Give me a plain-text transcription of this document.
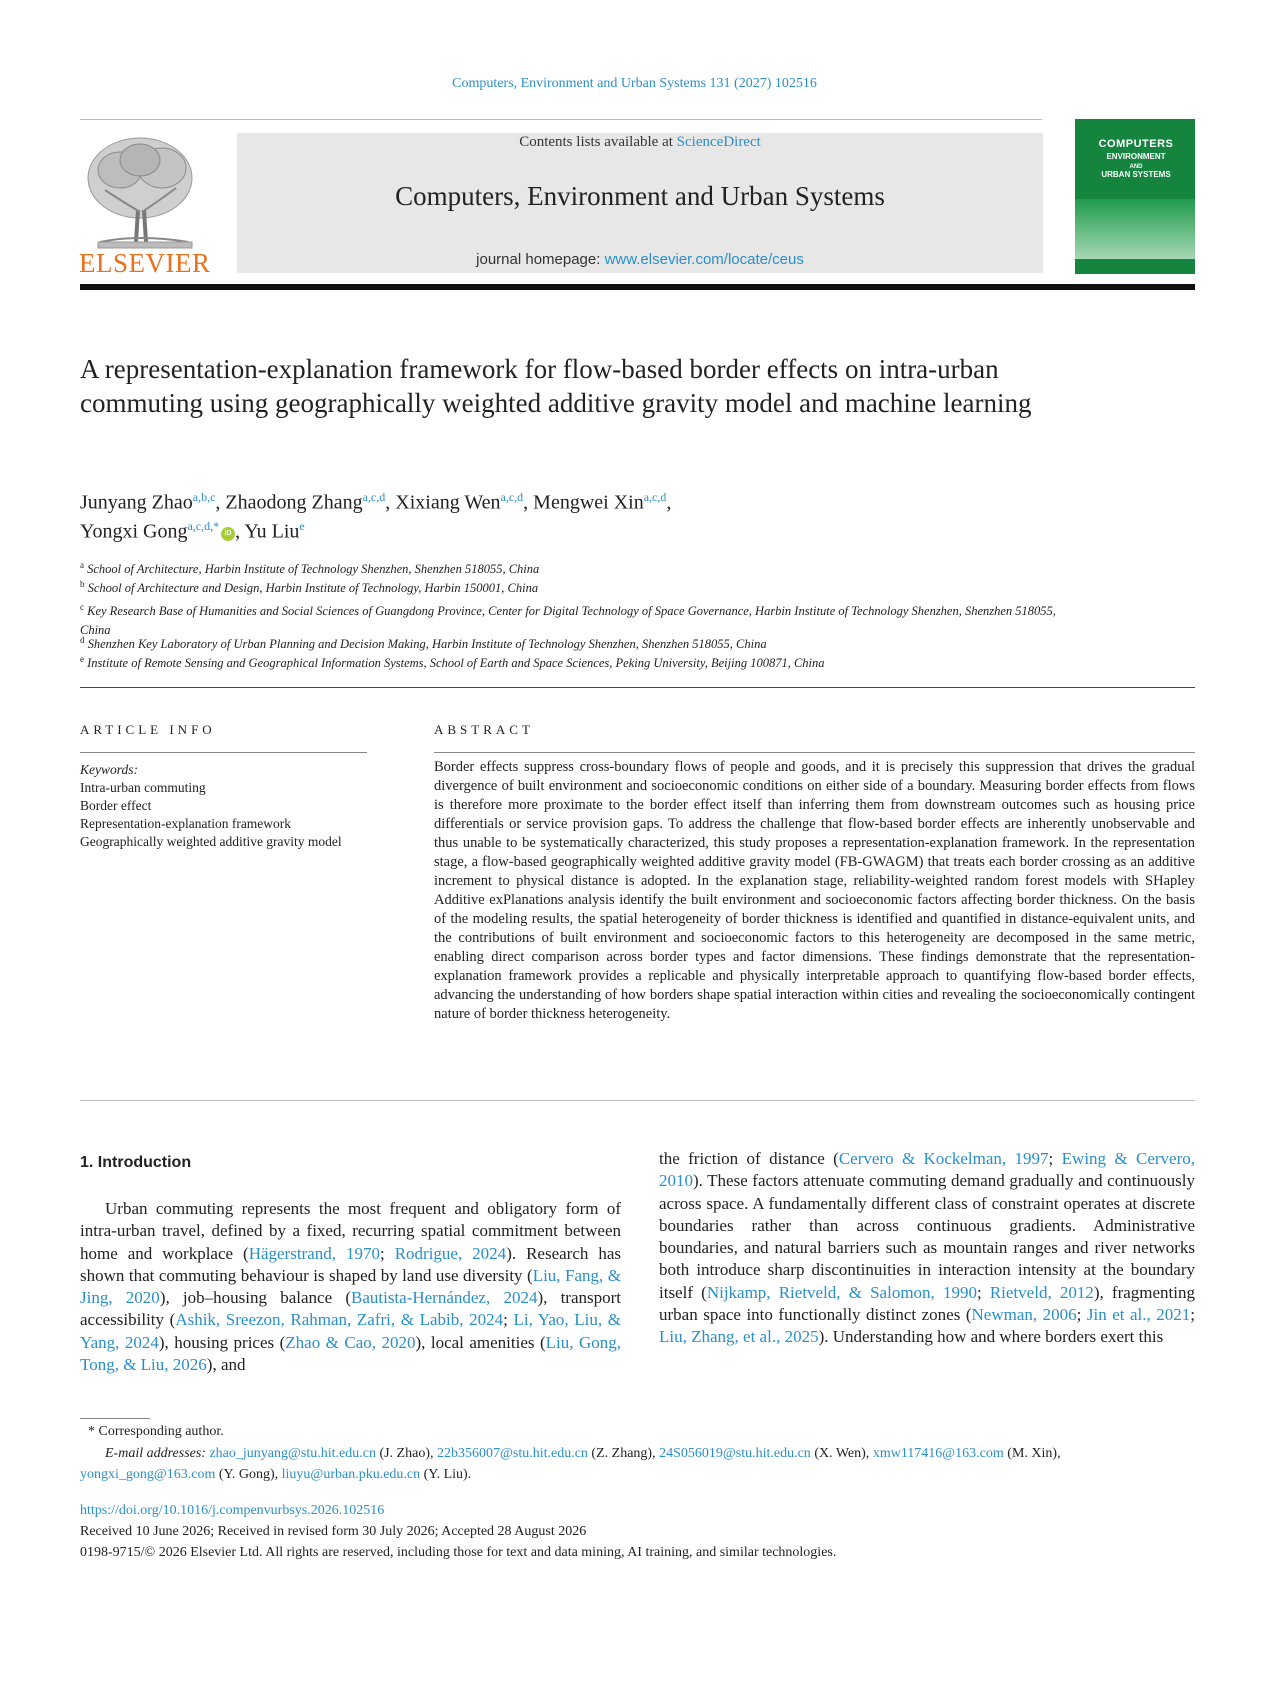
Computers, Environment and Urban Systems 131 (2027) 102516
ELSEVIER
Contents lists available at ScienceDirect
Computers, Environment and Urban Systems
journal homepage: www.elsevier.com/locate/ceus
COMPUTERS
ENVIRONMENT
AND
URBAN SYSTEMS
A representation-explanation framework for flow-based border effects on intra-urban commuting using geographically weighted additive gravity model and machine learning
Junyang Zhao$^{a,b,c}$, Zhaodong Zhang$^{a,c,d}$, Xixiang Wen$^{a,c,d}$, Mengwei Xin$^{a,c,d}$,
Yongxi Gong$^{a,c,d,*}$iD , Yu Liu$^e$
$^a$ School of Architecture, Harbin Institute of Technology Shenzhen, Shenzhen 518055, China
$^b$ School of Architecture and Design, Harbin Institute of Technology, Harbin 150001, China
$^c$ Key Research Base of Humanities and Social Sciences of Guangdong Province, Center for Digital Technology of Space Governance, Harbin Institute of Technology Shenzhen, Shenzhen 518055, China
$^d$ Shenzhen Key Laboratory of Urban Planning and Decision Making, Harbin Institute of Technology Shenzhen, Shenzhen 518055, China
$^e$ Institute of Remote Sensing and Geographical Information Systems, School of Earth and Space Sciences, Peking University, Beijing 100871, China
ARTICLE INFO	ABSTRACT
Keywords:
Intra-urban commuting
Border effect
Representation-explanation framework
Geographically weighted additive gravity model

Border effects suppress cross-boundary flows of people and goods, and it is precisely this suppression that drives the gradual divergence of built environment and socioeconomic conditions on either side of a boundary. Measuring border effects from flows is therefore more proximate to the border effect itself than inferring them from downstream outcomes such as housing price differentials or service provision gaps. To address the challenge that flow-based border effects are inherently unobservable and thus unable to be systematically characterized, this study proposes a representation-explanation framework. In the representation stage, a flow-based geographically weighted additive gravity model (FB-GWAGM) that treats each border crossing as an additive increment to physical distance is adopted. In the explanation stage, reliability-weighted random forest models with SHapley Additive exPlanations analysis identify the built environment and socioeconomic factors affecting border thickness. On the basis of the modeling results, the spatial heterogeneity of border thickness is identified and quantified in distance-equivalent units, and the contributions of built environment and socioeconomic factors to this heterogeneity are decomposed in the same metric, enabling direct comparison across border types and factor dimensions. These findings demonstrate that the representation-explanation framework provides a replicable and physically interpretable approach to quantifying flow-based border effects, advancing the understanding of how borders shape spatial interaction within cities and revealing the socioeconomically contingent nature of border thickness heterogeneity.

1. Introduction

Urban commuting represents the most frequent and obligatory form of intra-urban travel, defined by a fixed, recurring spatial commitment between home and workplace (Hägerstrand, 1970; Rodrigue, 2024). Research has shown that commuting behaviour is shaped by land use diversity (Liu, Fang, & Jing, 2020), job–housing balance (Bautista-Hernández, 2024), transport accessibility (Ashik, Sreezon, Rahman, Zafri, & Labib, 2024; Li, Yao, Liu, & Yang, 2024), housing prices (Zhao & Cao, 2020), local amenities (Liu, Gong, Tong, & Liu, 2026), and

the friction of distance (Cervero & Kockelman, 1997; Ewing & Cervero, 2010). These factors attenuate commuting demand gradually and continuously across space. A fundamentally different class of constraint operates at discrete boundaries rather than across continuous gradients. Administrative boundaries, and natural barriers such as mountain ranges and river networks both introduce sharp discontinuities in interaction intensity at the boundary itself (Nijkamp, Rietveld, & Salomon, 1990; Rietveld, 2012), fragmenting urban space into functionally distinct zones (Newman, 2006; Jin et al., 2021; Liu, Zhang, et al., 2025). Understanding how and where borders exert this

* Corresponding author.

E-mail addresses: zhao_junyang@stu.hit.edu.cn (J. Zhao), 22b356007@stu.hit.edu.cn (Z. Zhang), 24S056019@stu.hit.edu.cn (X. Wen), xmw117416@163.com (M. Xin), yongxi_gong@163.com (Y. Gong), liuyu@urban.pku.edu.cn (Y. Liu).

https://doi.org/10.1016/j.compenvurbsys.2026.102516
Received 10 June 2026; Received in revised form 30 July 2026; Accepted 28 August 2026
0198-9715/© 2026 Elsevier Ltd. All rights are reserved, including those for text and data mining, AI training, and similar technologies.
